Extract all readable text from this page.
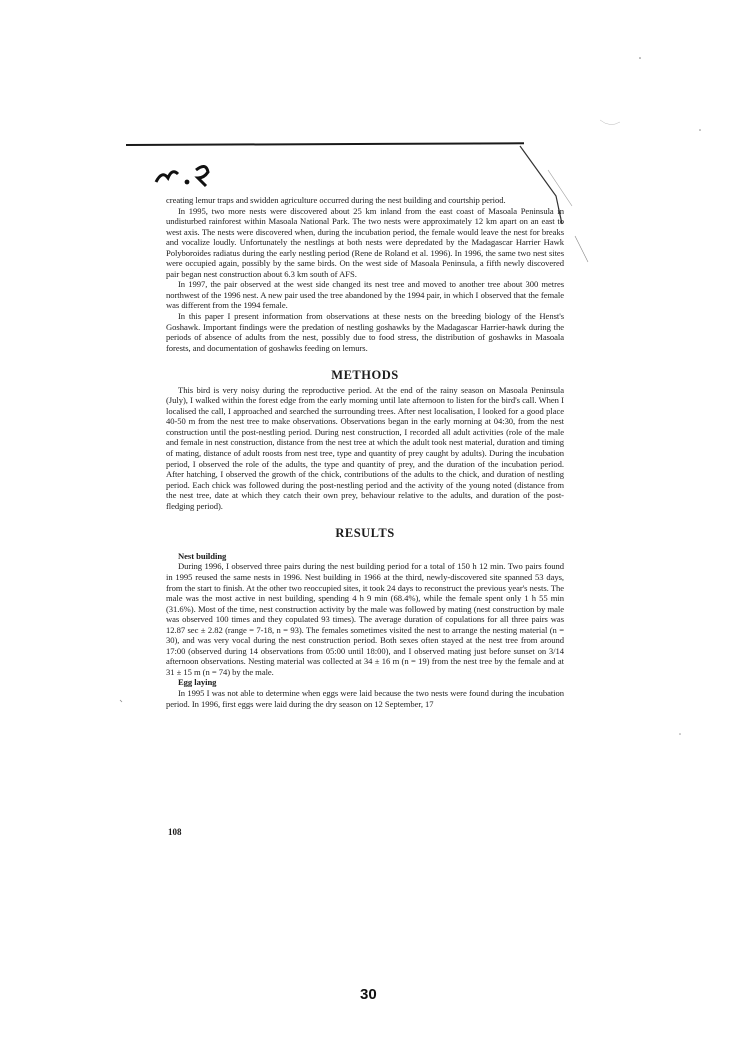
creating lemur traps and swidden agriculture occurred during the nest building and courtship period.

In 1995, two more nests were discovered about 25 km inland from the east coast of Masoala Peninsula in undisturbed rainforest within Masoala National Park. The two nests were approximately 12 km apart on an east to west axis. The nests were discovered when, during the incubation period, the female would leave the nest for breaks and vocalize loudly. Unfortunately the nestlings at both nests were depredated by the Madagascar Harrier Hawk Polyboroides radiatus during the early nestling period (Rene de Roland et al. 1996). In 1996, the same two nest sites were occupied again, possibly by the same birds. On the west side of Masoala Peninsula, a fifth newly discovered pair began nest construction about 6.3 km south of AFS.

In 1997, the pair observed at the west side changed its nest tree and moved to another tree about 300 metres northwest of the 1996 nest. A new pair used the tree abandoned by the 1994 pair, in which I observed that the female was different from the 1994 female.

In this paper I present information from observations at these nests on the breeding biology of the Henst's Goshawk. Important findings were the predation of nestling goshawks by the Madagascar Harrier-hawk during the periods of absence of adults from the nest, possibly due to food stress, the distribution of goshawks in Masoala forests, and documentation of goshawks feeding on lemurs.

METHODS

This bird is very noisy during the reproductive period. At the end of the rainy season on Masoala Peninsula (July), I walked within the forest edge from the early morning until late afternoon to listen for the bird's call. When I localised the call, I approached and searched the surrounding trees. After nest localisation, I looked for a good place 40-50 m from the nest tree to make observations. Observations began in the early morning at 04:30, from the nest construction until the post-nestling period. During nest construction, I recorded all adult activities (role of the male and female in nest construction, distance from the nest tree at which the adult took nest material, duration and timing of mating, distance of adult roosts from nest tree, type and quantity of prey caught by adults). During the incubation period, I observed the role of the adults, the type and quantity of prey, and the duration of the incubation period. After hatching, I observed the growth of the chick, contributions of the adults to the chick, and duration of nestling period. Each chick was followed during the post-nestling period and the activity of the young noted (distance from the nest tree, date at which they catch their own prey, behaviour relative to the adults, and duration of the post-fledging period).

RESULTS

Nest building

During 1996, I observed three pairs during the nest building period for a total of 150 h 12 min. Two pairs found in 1995 reused the same nests in 1996. Nest building in 1966 at the third, newly-discovered site spanned 53 days, from the start to finish. At the other two reoccupied sites, it took 24 days to reconstruct the previous year's nests. The male was the most active in nest building, spending 4 h 9 min (68.4%), while the female spent only 1 h 55 min (31.6%). Most of the time, nest construction activity by the male was followed by mating (nest construction by male was observed 100 times and they copulated 93 times). The average duration of copulations for all three pairs was 12.87 sec ± 2.82 (range = 7-18, n = 93). The females sometimes visited the nest to arrange the nesting material (n = 30), and was very vocal during the nest construction period. Both sexes often stayed at the nest tree from around 17:00 (observed during 14 observations from 05:00 until 18:00), and I observed mating just before sunset on 3/14 afternoon observations. Nesting material was collected at 34 ± 16 m (n = 19) from the nest tree by the female and at 31 ± 15 m (n = 74) by the male.

Egg laying

In 1995 I was not able to determine when eggs were laid because the two nests were found during the incubation period. In 1996, first eggs were laid during the dry season on 12 September, 17

108
30
